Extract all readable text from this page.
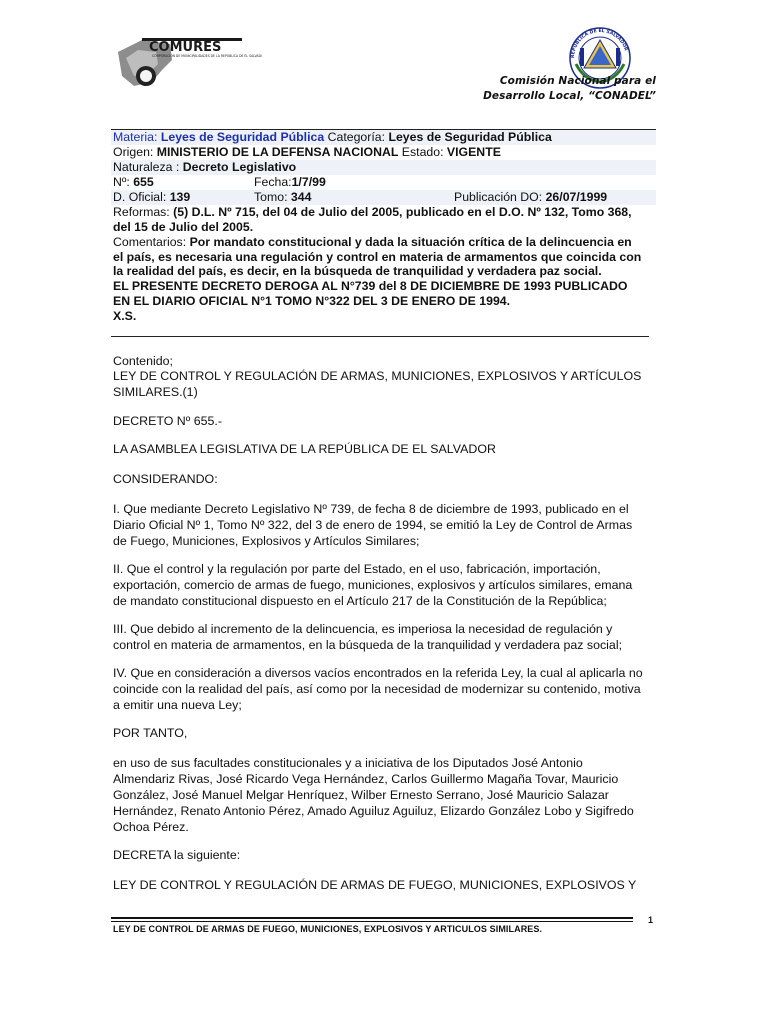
COMURES
CORPORACIÓN DE MUNICIPALIDADES DE LA REPÚBLICA DE EL SALVADOR	REPÚBLICA DE EL SALVADOR
Comisión Nacional para el
Desarrollo Local, “CONADEL”
Materia: Leyes de Seguridad Pública Categoría: Leyes de Seguridad Pública
Origen: MINISTERIO DE LA DEFENSA NACIONAL Estado: VIGENTE
Naturaleza : Decreto Legislativo
Nº: 655	Fecha:1/7/99
D. Oficial: 139	Tomo: 344	Publicación DO: 26/07/1999
Reformas: (5) D.L. Nº 715, del 04 de Julio del 2005, publicado en el D.O. Nº 132, Tomo 368,
del 15 de Julio del 2005.
Comentarios: Por mandato constitucional y dada la situación crítica de la delincuencia en
el país, es necesaria una regulación y control en materia de armamentos que coincida con
la realidad del país, es decir, en la búsqueda de tranquilidad y verdadera paz social.
EL PRESENTE DECRETO DEROGA AL N°739 del 8 DE DICIEMBRE DE 1993 PUBLICADO
EN EL DIARIO OFICIAL N°1 TOMO N°322 DEL 3 DE ENERO DE 1994.
X.S.
Contenido;
LEY DE CONTROL Y REGULACIÓN DE ARMAS, MUNICIONES, EXPLOSIVOS Y ARTÍCULOS
SIMILARES.(1)
DECRETO Nº 655.-
LA ASAMBLEA LEGISLATIVA DE LA REPÚBLICA DE EL SALVADOR
CONSIDERANDO:
I. Que mediante Decreto Legislativo Nº 739, de fecha 8 de diciembre de 1993, publicado en el
Diario Oficial Nº 1, Tomo Nº 322, del 3 de enero de 1994, se emitió la Ley de Control de Armas
de Fuego, Municiones, Explosivos y Artículos Similares;
II. Que el control y la regulación por parte del Estado, en el uso, fabricación, importación,
exportación, comercio de armas de fuego, municiones, explosivos y artículos similares, emana
de mandato constitucional dispuesto en el Artículo 217 de la Constitución de la República;
III. Que debido al incremento de la delincuencia, es imperiosa la necesidad de regulación y
control en materia de armamentos, en la búsqueda de la tranquilidad y verdadera paz social;
IV. Que en consideración a diversos vacíos encontrados en la referida Ley, la cual al aplicarla no
coincide con la realidad del país, así como por la necesidad de modernizar su contenido, motiva
a emitir una nueva Ley;
POR TANTO,
en uso de sus facultades constitucionales y a iniciativa de los Diputados José Antonio
Almendariz Rivas, José Ricardo Vega Hernández, Carlos Guillermo Magaña Tovar, Mauricio
González, José Manuel Melgar Henríquez, Wilber Ernesto Serrano, José Mauricio Salazar
Hernández, Renato Antonio Pérez, Amado Aguiluz Aguiluz, Elizardo González Lobo y Sigifredo
Ochoa Pérez.
DECRETA la siguiente:
LEY DE CONTROL Y REGULACIÓN DE ARMAS DE FUEGO, MUNICIONES, EXPLOSIVOS Y
LEY DE CONTROL DE ARMAS DE FUEGO, MUNICIONES, EXPLOSIVOS Y ARTICULOS SIMILARES.
1
